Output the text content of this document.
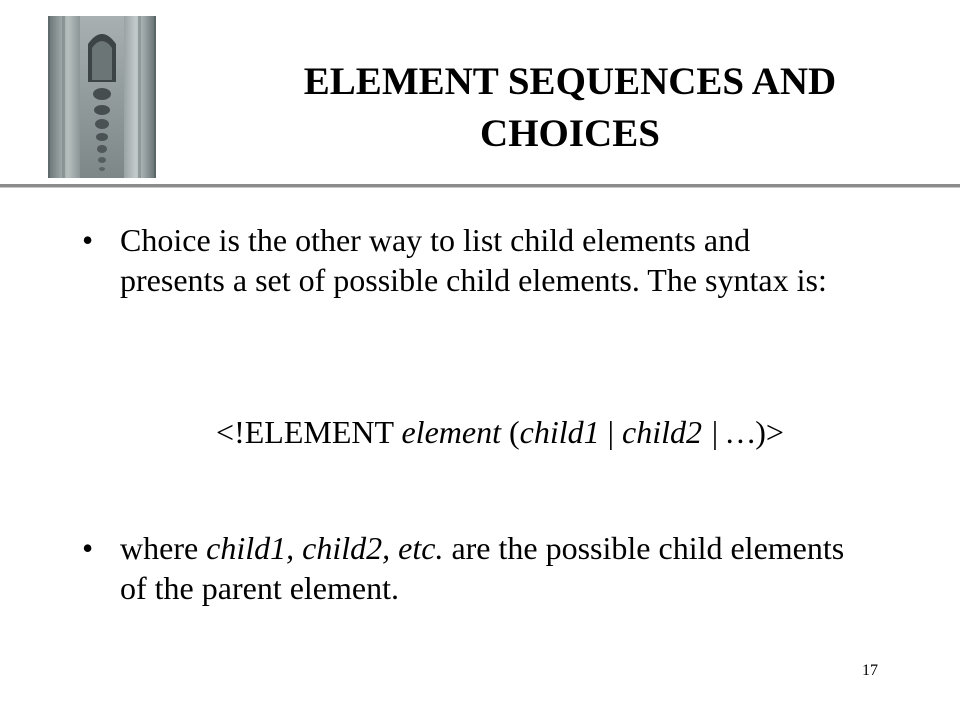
ELEMENT SEQUENCES AND
CHOICES
• Choice is the other way to list child elements and presents a set of possible child elements. The syntax is:
<!ELEMENT element (child1 | child2 | …)>
• where child1, child2, etc. are the possible child elements of the parent element.
17
